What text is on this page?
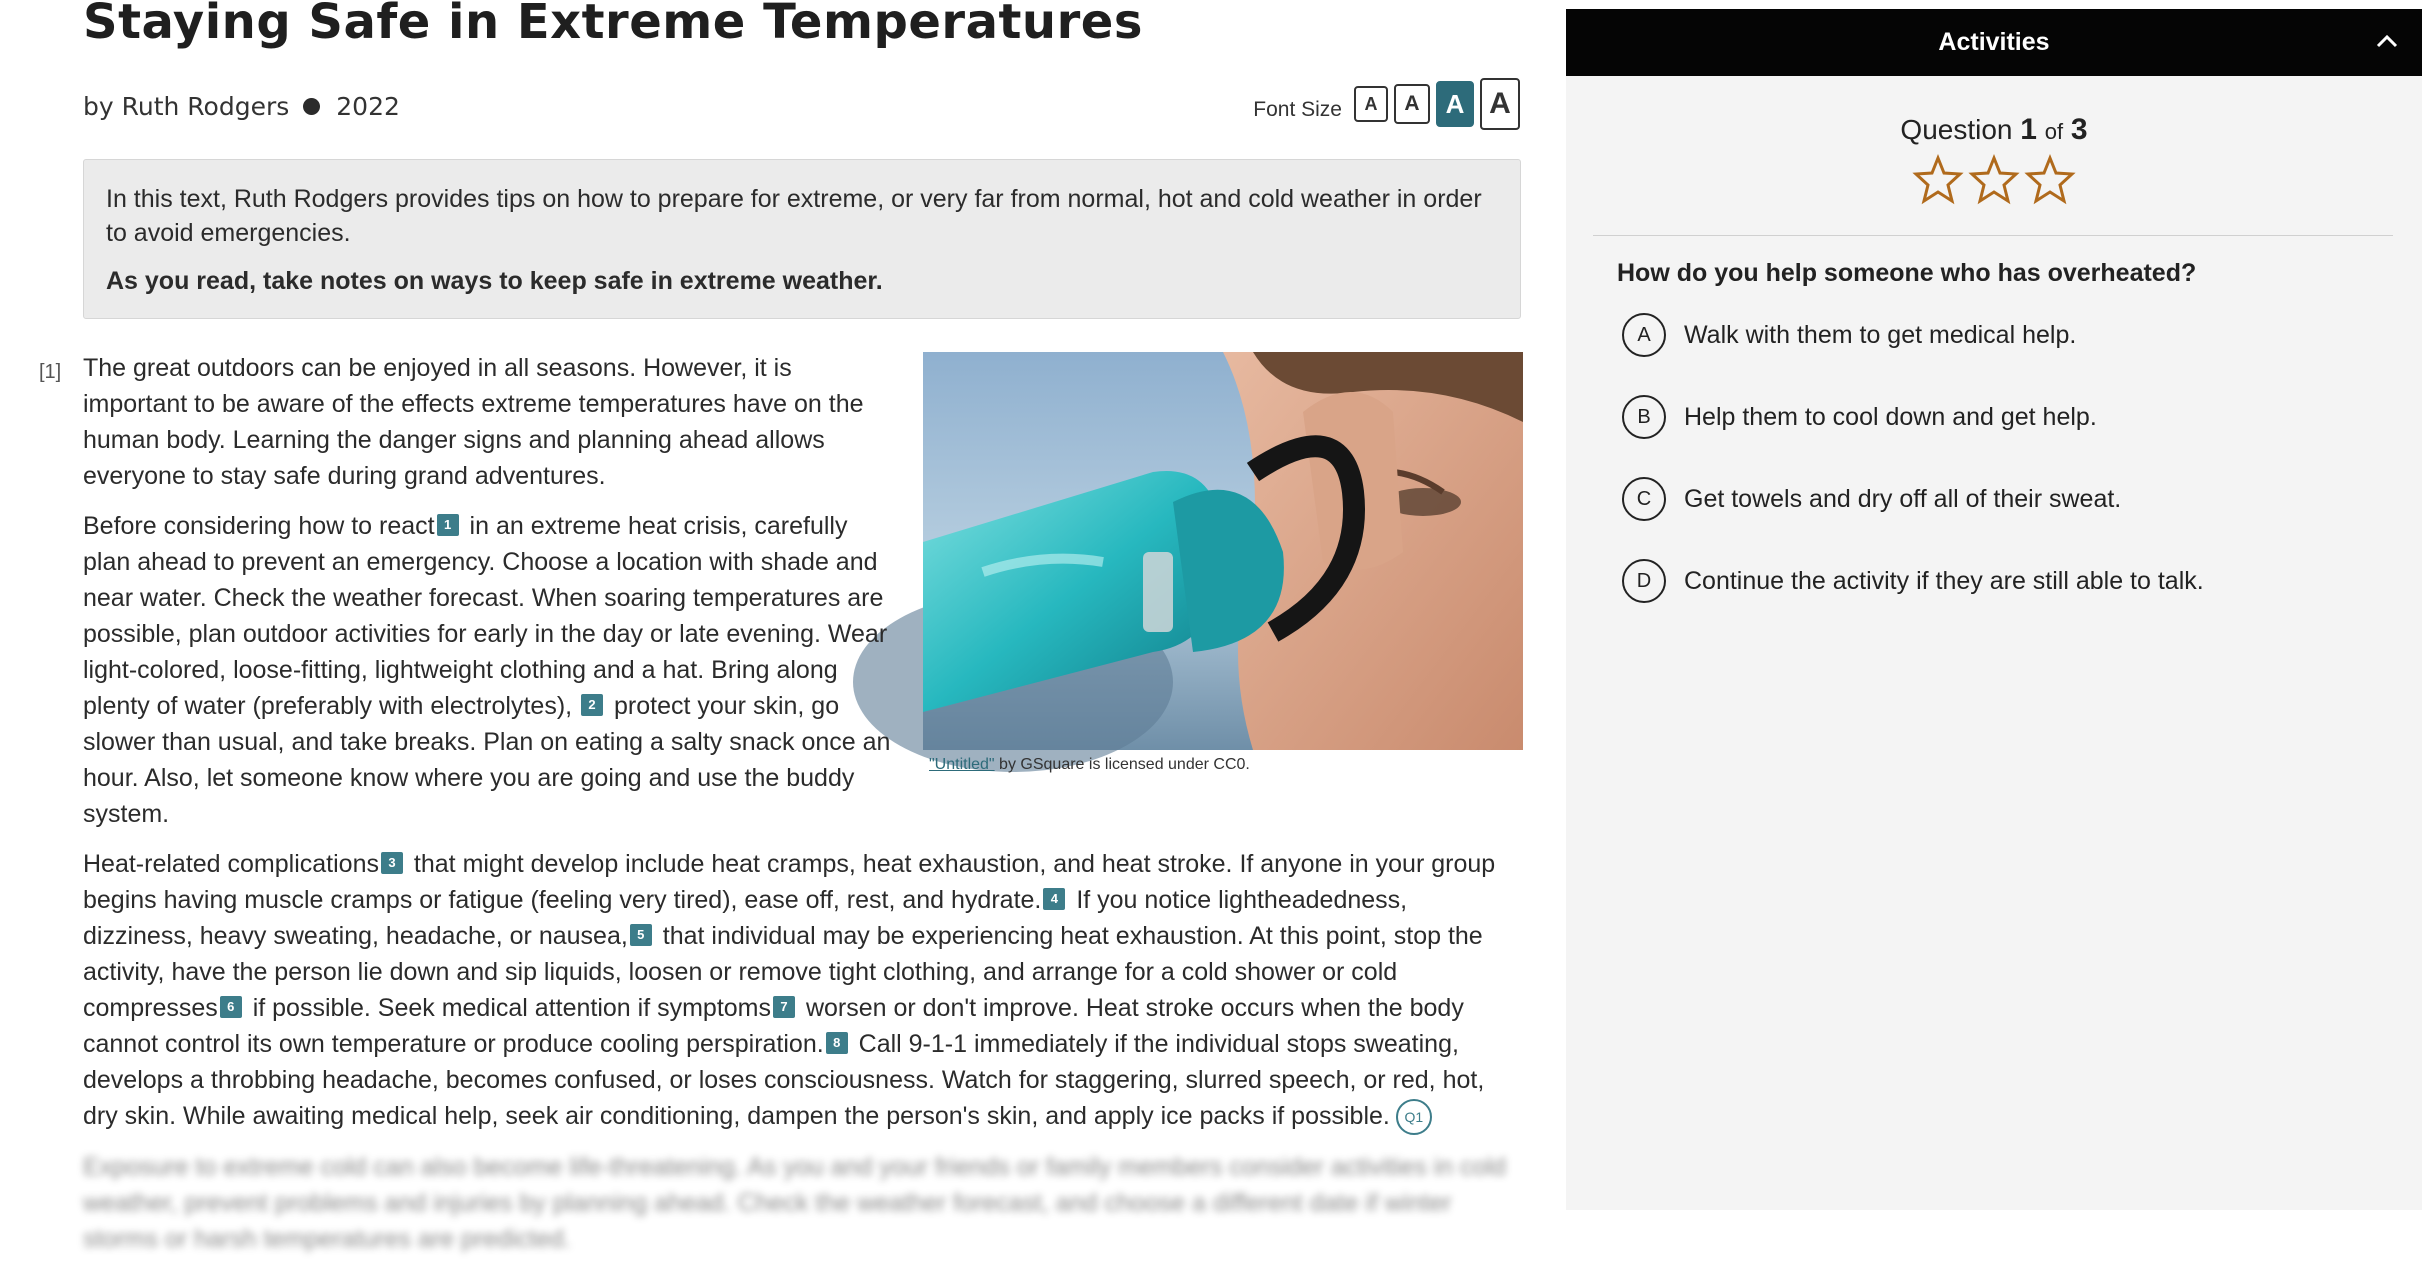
Staying Safe in Extreme Temperatures
by Ruth Rodgers 2022	Font Size	A	A	A A

In this text, Ruth Rodgers provides tips on how to prepare for extreme, or very far from normal, hot and cold weather in order to avoid emergencies.

As you read, take notes on ways to keep safe in extreme weather.

[1]
"Untitled" by GSquare is licensed under CC0.

The great outdoors can be enjoyed in all seasons. However, it is important to be aware of the effects extreme temperatures have on the human body. Learning the danger signs and planning ahead allows everyone to stay safe during grand adventures.

Before considering how to react 1 in an extreme heat crisis, carefully plan ahead to prevent an emergency. Choose a location with shade and near water. Check the weather forecast. When soaring temperatures are possible, plan outdoor activities for early in the day or late evening. Wear light-colored, loose-fitting, lightweight clothing and a hat. Bring along plenty of water (preferably with electrolytes), 2 protect your skin, go slower than usual, and take breaks. Plan on eating a salty snack once an hour. Also, let someone know where you are going and use the buddy system.

Heat-related complications 3 that might develop include heat cramps, heat exhaustion, and heat stroke. If anyone in your group begins having muscle cramps or fatigue (feeling very tired), ease off, rest, and hydrate. 4 If you notice lightheadedness, dizziness, heavy sweating, headache, or nausea, 5 that individual may be experiencing heat exhaustion. At this point, stop the activity, have the person lie down and sip liquids, loosen or remove tight clothing, and arrange for a cold shower or cold compresses 6 if possible. Seek medical attention if symptoms 7 worsen or don't improve. Heat stroke occurs when the body cannot control its own temperature or produce cooling perspiration. 8 Call 9-1-1 immediately if the individual stops sweating, develops a throbbing headache, becomes confused, or loses consciousness. Watch for staggering, slurred speech, or red, hot, dry skin. While awaiting medical help, seek air conditioning, dampen the person's skin, and apply ice packs if possible. Q1

Exposure to extreme cold can also become life-threatening. As you and your friends or family members consider activities in cold weather, prevent problems and injuries by planning ahead. Check the weather forecast, and choose a different date if winter storms or harsh temperatures are predicted.

Activities
Question 1 of 3
How do you help someone who has overheated?
A	Walk with them to get medical help.
B	Help them to cool down and get help.
C	Get towels and dry off all of their sweat.
D	Continue the activity if they are still able to talk.
